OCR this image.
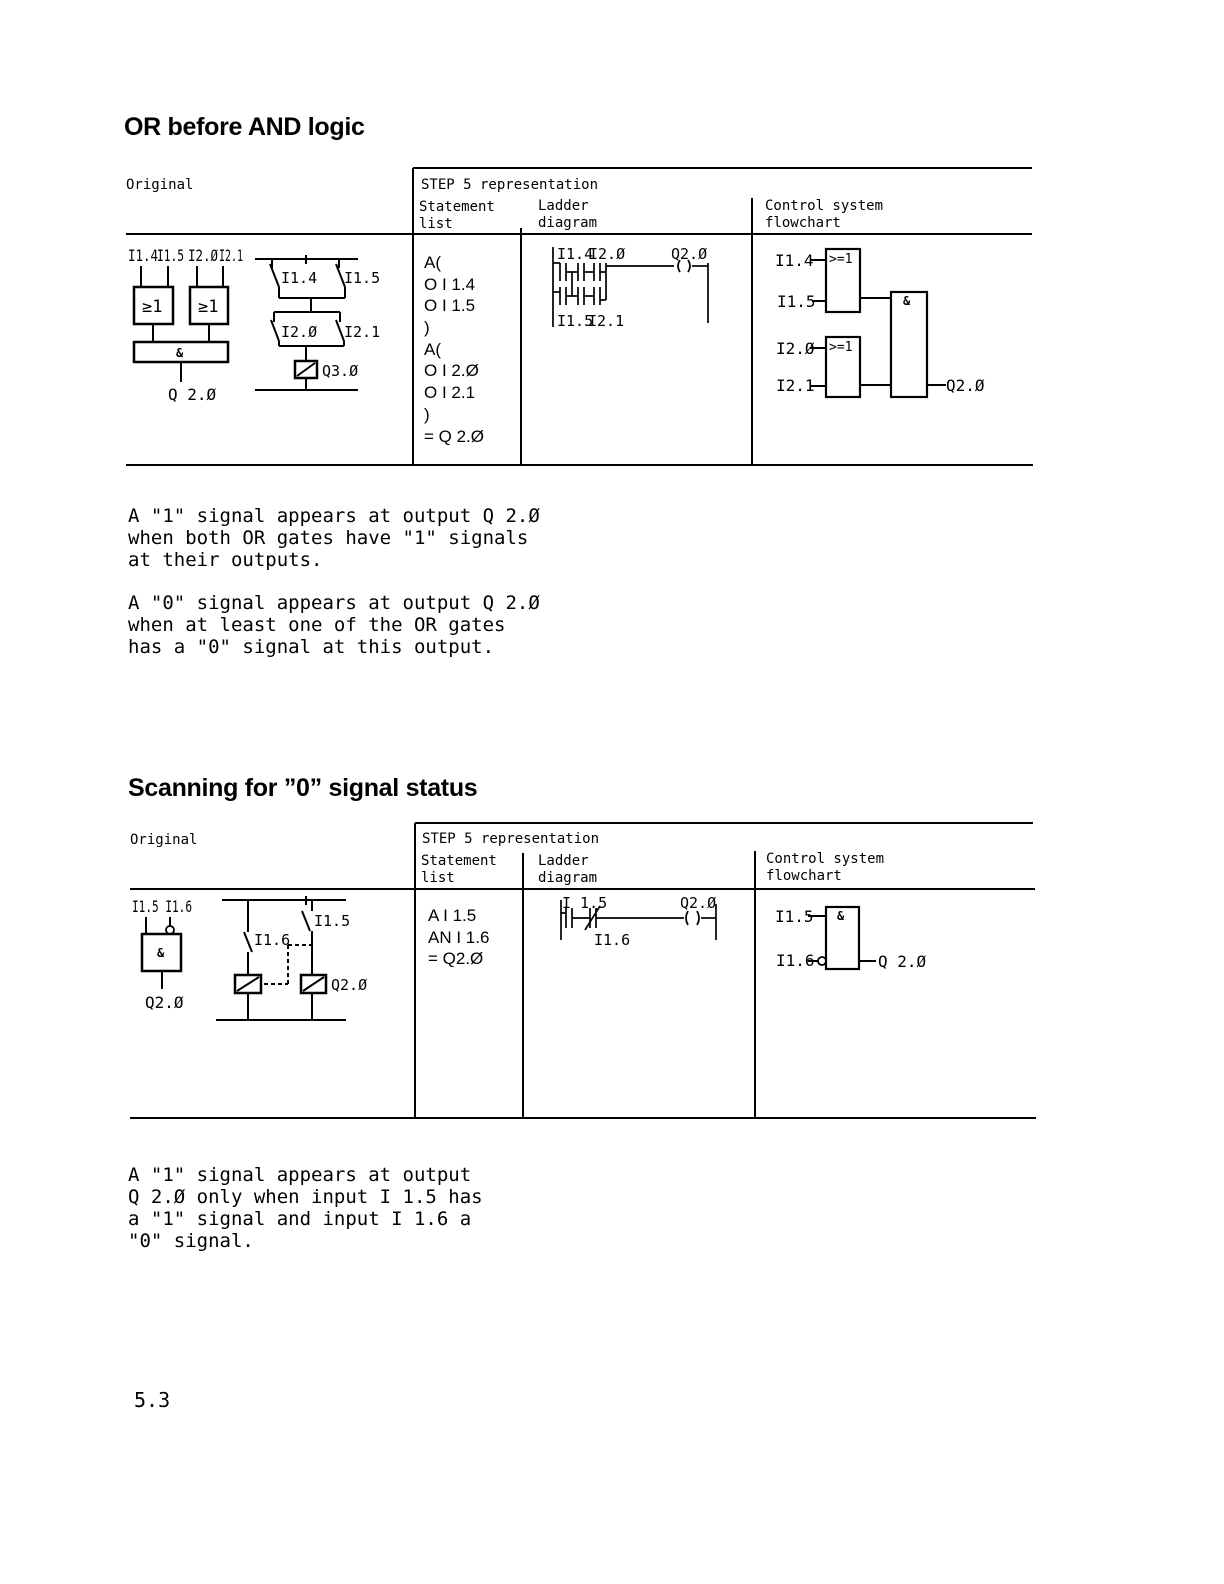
OR before AND logic
Original	STEP 5 representation
Statement
list
Ladder
diagram
Control system
flowchart
A(
O I 1.4
O I 1.5
)
A(
O I 2.Ø
O I 2.1
)
= Q 2.Ø
A "1" signal appears at output Q 2.Ø
when both OR gates have "1" signals
at their outputs.
A "0" signal appears at output Q 2.Ø
when at least one of the OR gates
has a "0" signal at this output.
Scanning for ”0” signal status
Original	STEP 5 representation
Statement
list
Ladder
diagram
Control system
flowchart
A I 1.5
AN I 1.6
= Q2.Ø
A "1" signal appears at output
Q 2.Ø only when input I 1.5 has
a "1" signal and input I 1.6 a
"0" signal.
5.3
I1.4 I1.5 I2.Ø I2.1
≥1 ≥1
&
Q 2.Ø
I1.4 I1.5
I2.Ø I2.1
Q3.Ø
I1.4
I2.Ø	Q2.Ø
I1.5
I2.1
I1.4
I1.5
I2.Ø
I2.1
>=1
>=1
&
Q2.Ø
I1.5 I1.6
&
Q2.Ø
I1.6
I1.5
Q2.Ø
I 1.5	Q2.Ø
I1.6
I1.5
I1.6
&
Q 2.Ø
